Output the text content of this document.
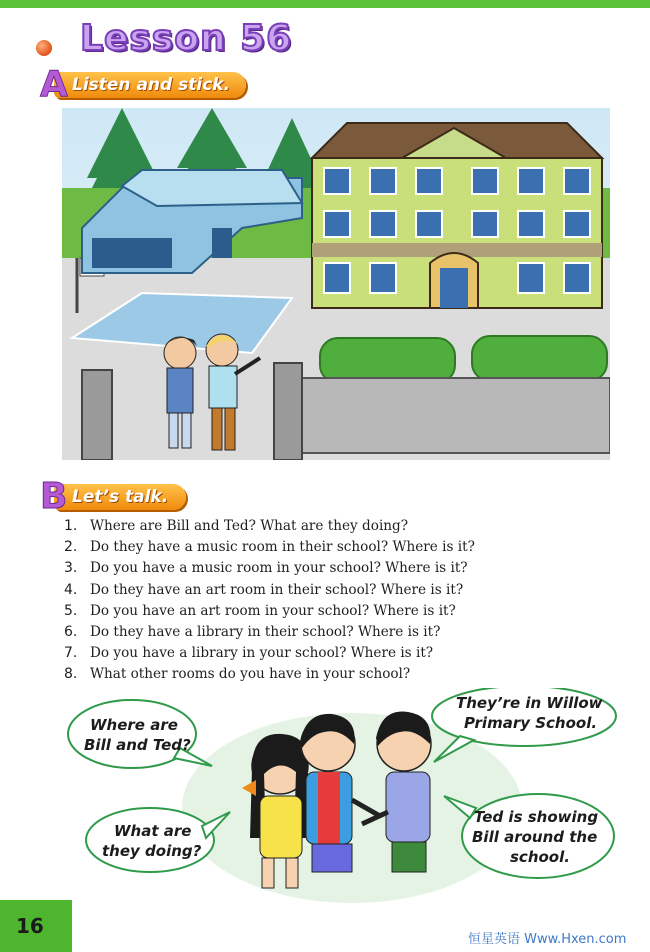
Lesson 56
Listen and stick.
A
Let’s talk.
B
1. Where are Bill and Ted? What are they doing?
2. Do they have a music room in their school? Where is it?
3. Do you have a music room in your school? Where is it?
4. Do they have an art room in their school? Where is it?
5. Do you have an art room in your school? Where is it?
6. Do they have a library in their school? Where is it?
7. Do you have a library in your school? Where is it?
8. What other rooms do you have in your school?
Where are
Bill and Ted?
They’re in Willow
Primary School.
What are
they doing?
Ted is showing
Bill around the
school.
16
恒星英语 Www.Hxen.com
